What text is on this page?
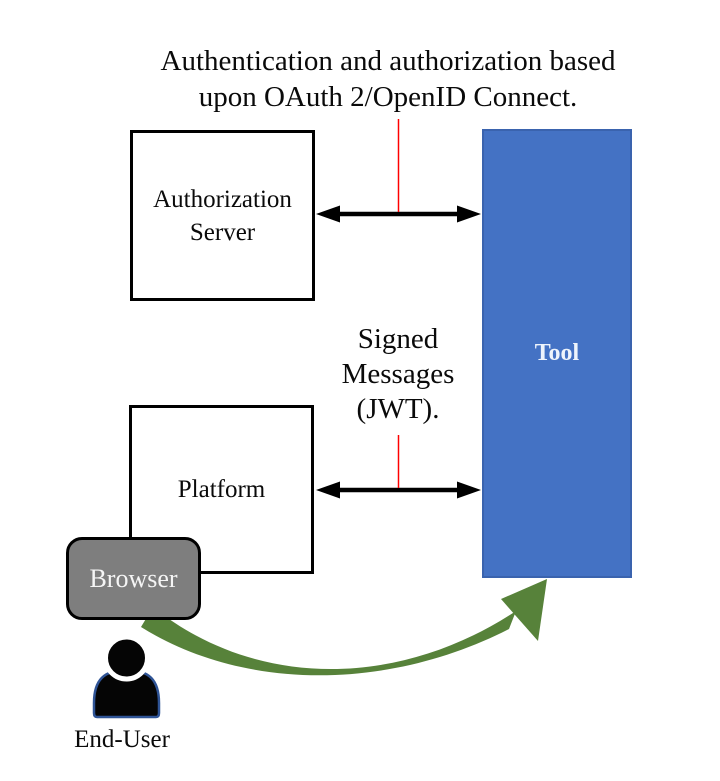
Platform
Browser
Tool
Authorization Server
Authentication and authorization based
upon OAuth 2/OpenID Connect.
Signed
Messages
(JWT).
End-User
